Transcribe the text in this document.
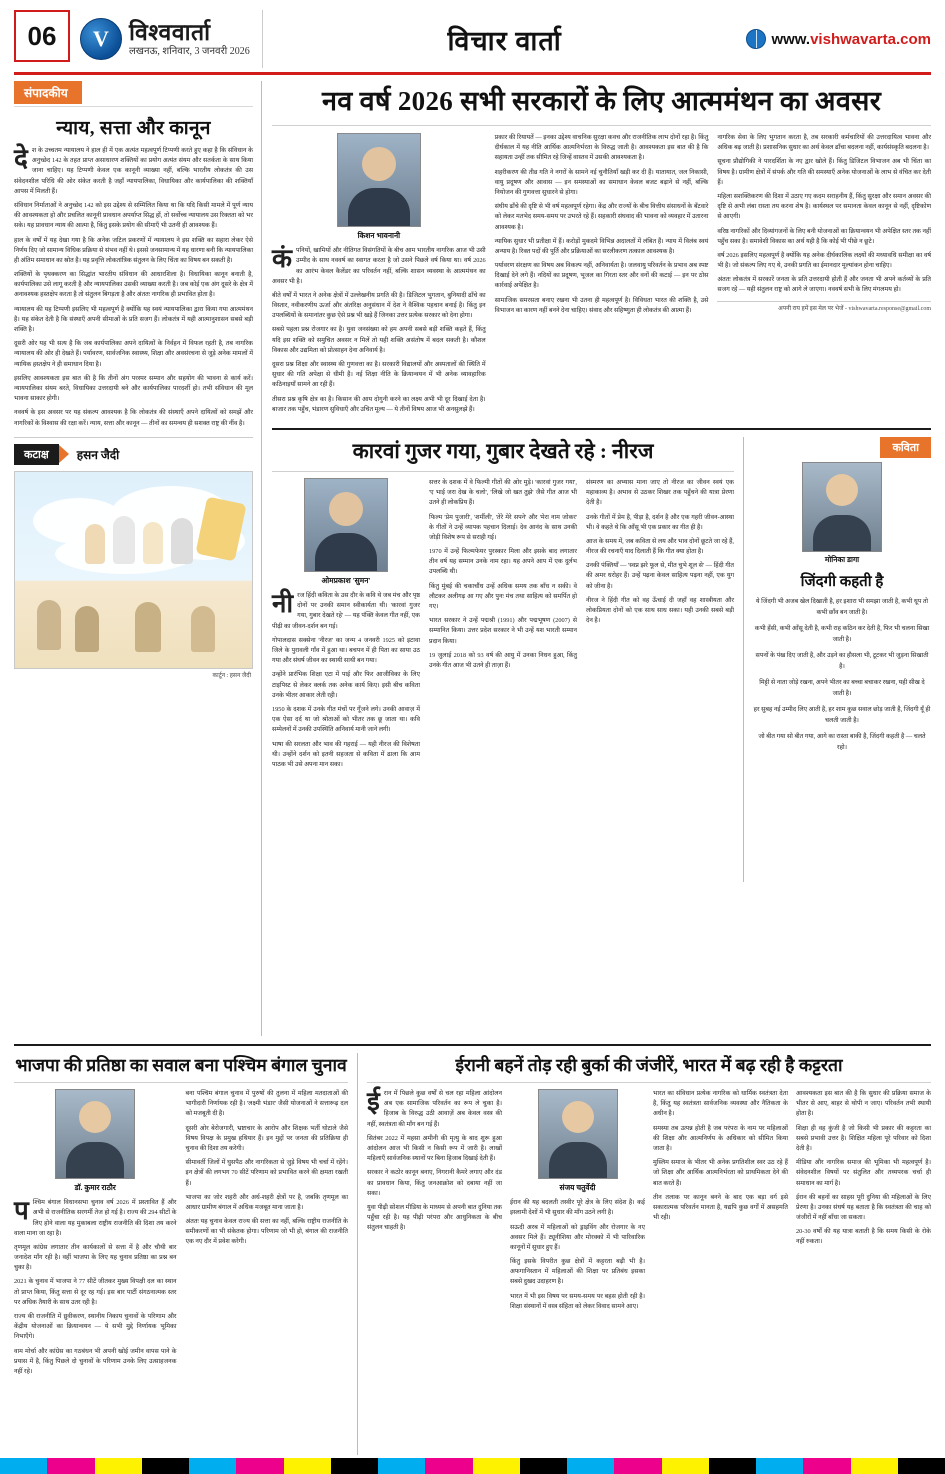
06	V विश्ववार्ता
लखनऊ, शनिवार, 3 जनवरी 2026	विचार वार्ता	www.vishwavarta.com
संपादकीय
न्याय, सत्ता और कानून

देश के उच्चतम न्यायालय ने हाल ही में एक अत्यंत महत्वपूर्ण टिप्पणी करते हुए कहा है कि संविधान के अनुच्छेद 142 के तहत प्राप्त असाधारण शक्तियों का प्रयोग अत्यंत संयम और सतर्कता के साथ किया जाना चाहिए। यह टिप्पणी केवल एक कानूनी व्याख्या नहीं, बल्कि भारतीय लोकतंत्र की उस संवेदनशील परिधि की ओर संकेत करती है जहाँ न्यायपालिका, विधायिका और कार्यपालिका की शक्तियाँ आपस में मिलती हैं।

संविधान निर्माताओं ने अनुच्छेद 142 को इस उद्देश्य से सम्मिलित किया था कि यदि किसी मामले में पूर्ण न्याय की आवश्यकता हो और प्रचलित कानूनी प्रावधान अपर्याप्त सिद्ध हों, तो सर्वोच्च न्यायालय उस रिक्तता को भर सके। यह प्रावधान न्याय की आत्मा है, किंतु इसके प्रयोग की सीमाएँ भी उतनी ही आवश्यक हैं।

हाल के वर्षों में यह देखा गया है कि अनेक जटिल प्रकरणों में न्यायालय ने इस शक्ति का सहारा लेकर ऐसे निर्णय दिए जो सामान्य विधिक प्रक्रिया से संभव नहीं थे। इससे जनसामान्य में यह धारणा बनी कि न्यायपालिका ही अंतिम समाधान का स्रोत है। यह प्रवृत्ति लोकतांत्रिक संतुलन के लिए चिंता का विषय बन सकती है।

शक्तियों के पृथक्करण का सिद्धांत भारतीय संविधान की आधारशिला है। विधायिका कानून बनाती है, कार्यपालिका उसे लागू करती है और न्यायपालिका उसकी व्याख्या करती है। जब कोई एक अंग दूसरे के क्षेत्र में अनावश्यक हस्तक्षेप करता है तो संतुलन बिगड़ता है और अंततः नागरिक ही प्रभावित होता है।

न्यायालय की यह टिप्पणी इसलिए भी महत्वपूर्ण है क्योंकि यह स्वयं न्यायपालिका द्वारा किया गया आत्ममंथन है। यह संकेत देती है कि संस्थाएँ अपनी सीमाओं के प्रति सजग हैं। लोकतंत्र में यही आत्मानुशासन सबसे बड़ी शक्ति है।

दूसरी ओर यह भी सत्य है कि जब कार्यपालिका अपने दायित्वों के निर्वहन में विफल रहती है, तब नागरिक न्यायालय की ओर ही देखते हैं। पर्यावरण, सार्वजनिक स्वास्थ्य, शिक्षा और अवसंरचना से जुड़े अनेक मामलों में न्यायिक हस्तक्षेप ने ही समाधान दिया है।

इसलिए आवश्यकता इस बात की है कि तीनों अंग परस्पर सम्मान और सहयोग की भावना से कार्य करें। न्यायपालिका संयम बरते, विधायिका उत्तरदायी बने और कार्यपालिका पारदर्शी हो। तभी संविधान की मूल भावना साकार होगी।

नववर्ष के इस अवसर पर यह संकल्प आवश्यक है कि लोकतंत्र की संस्थाएँ अपने दायित्वों को समझें और नागरिकों के विश्वास की रक्षा करें। न्याय, सत्ता और कानून — तीनों का समन्वय ही सशक्त राष्ट्र की नींव है।

कटाक्ष	हसन जैदी
कार्टून : हसन जैदी
नव वर्ष 2026 सभी सरकारों के लिए आत्ममंथन का अवसर
किशन भावनानी

कंपनियों, खामियों और नीतिगत विसंगतियों के बीच आम भारतीय नागरिक आज भी उसी उम्मीद के साथ नववर्ष का स्वागत करता है जो उसने पिछले वर्ष किया था। वर्ष 2026 का आरंभ केवल कैलेंडर का परिवर्तन नहीं, बल्कि शासन व्यवस्था के आत्ममंथन का अवसर भी है।

बीते वर्षों में भारत ने अनेक क्षेत्रों में उल्लेखनीय प्रगति की है। डिजिटल भुगतान, बुनियादी ढाँचे का विस्तार, नवीकरणीय ऊर्जा और अंतरिक्ष अनुसंधान में देश ने वैश्विक पहचान बनाई है। किंतु इन उपलब्धियों के समानांतर कुछ ऐसे प्रश्न भी खड़े हैं जिनका उत्तर प्रत्येक सरकार को देना होगा।

सबसे पहला प्रश्न रोजगार का है। युवा जनसंख्या को हम अपनी सबसे बड़ी शक्ति कहते हैं, किंतु यदि इस शक्ति को समुचित अवसर न मिलें तो यही शक्ति असंतोष में बदल सकती है। कौशल विकास और उद्यमिता को प्रोत्साहन देना अनिवार्य है।

दूसरा प्रश्न शिक्षा और स्वास्थ्य की गुणवत्ता का है। सरकारी विद्यालयों और अस्पतालों की स्थिति में सुधार की गति अपेक्षा से धीमी है। नई शिक्षा नीति के क्रियान्वयन में भी अनेक व्यावहारिक कठिनाइयाँ सामने आ रही हैं।

तीसरा प्रश्न कृषि क्षेत्र का है। किसान की आय दोगुनी करने का लक्ष्य अभी भी दूर दिखाई देता है। बाजार तक पहुँच, भंडारण सुविधाएँ और उचित मूल्य — ये तीनों विषय आज भी अनसुलझे हैं।

प्रकार की रियायतें — इनका उद्देश्य वाचनिक सुरक्षा कवच और राजनीतिक लाभ दोनों रहा है। किंतु दीर्घकाल में यह नीति आर्थिक आत्मनिर्भरता के विरुद्ध जाती है। आवश्यकता इस बात की है कि सहायता उन्हीं तक सीमित रहे जिन्हें वास्तव में उसकी आवश्यकता है।

शहरीकरण की तीव्र गति ने नगरों के सामने नई चुनौतियाँ खड़ी कर दी हैं। यातायात, जल निकासी, वायु प्रदूषण और आवास — इन समस्याओं का समाधान केवल बजट बढ़ाने से नहीं, बल्कि नियोजन की गुणवत्ता सुधारने से होगा।

संघीय ढाँचे की दृष्टि से भी वर्ष महत्वपूर्ण रहेगा। केंद्र और राज्यों के बीच वित्तीय संसाधनों के बँटवारे को लेकर मतभेद समय-समय पर उभरते रहे हैं। सहकारी संघवाद की भावना को व्यवहार में उतारना आवश्यक है।

न्यायिक सुधार भी प्रतीक्षा में हैं। करोड़ों मुकदमे विभिन्न अदालतों में लंबित हैं। न्याय में विलंब स्वयं अन्याय है। रिक्त पदों की पूर्ति और प्रक्रियाओं का सरलीकरण तत्काल आवश्यक है।

पर्यावरण संरक्षण का विषय अब विकल्प नहीं, अनिवार्यता है। जलवायु परिवर्तन के प्रभाव अब स्पष्ट दिखाई देने लगे हैं। नदियों का प्रदूषण, भूजल का गिरता स्तर और वनों की कटाई — इन पर ठोस कार्रवाई अपेक्षित है।

सामाजिक समरसता बनाए रखना भी उतना ही महत्वपूर्ण है। विविधता भारत की शक्ति है, उसे विभाजन का कारण नहीं बनने देना चाहिए। संवाद और सहिष्णुता ही लोकतंत्र की आत्मा हैं।

नागरिक सेवा के लिए भुगतान करता है, तब सरकारी कर्मचारियों की उत्तरदायित्व भावना और अधिक बढ़ जाती है। प्रशासनिक सुधार का अर्थ केवल ढाँचा बदलना नहीं, कार्यसंस्कृति बदलना है।

सूचना प्रौद्योगिकी ने पारदर्शिता के नए द्वार खोले हैं। किंतु डिजिटल विभाजन अब भी चिंता का विषय है। ग्रामीण क्षेत्रों में संपर्क और गति की समस्याएँ अनेक योजनाओं के लाभ से वंचित कर देती हैं।

महिला सशक्तिकरण की दिशा में उठाए गए कदम सराहनीय हैं, किंतु सुरक्षा और समान अवसर की दृष्टि से अभी लंबा रास्ता तय करना शेष है। कार्यस्थल पर समानता केवल कानून से नहीं, दृष्टिकोण से आएगी।

वरिष्ठ नागरिकों और दिव्यांगजनों के लिए बनी योजनाओं का क्रियान्वयन भी अपेक्षित स्तर तक नहीं पहुँच सका है। समावेशी विकास का अर्थ यही है कि कोई भी पीछे न छूटे।

वर्ष 2026 इसलिए महत्वपूर्ण है क्योंकि यह अनेक दीर्घकालिक लक्ष्यों की मध्यावधि समीक्षा का वर्ष भी है। जो संकल्प लिए गए थे, उनकी प्रगति का ईमानदार मूल्यांकन होना चाहिए।

अंततः लोकतंत्र में सरकारें जनता के प्रति उत्तरदायी होती हैं और जनता भी अपने कर्तव्यों के प्रति सजग रहे — यही संतुलन राष्ट्र को आगे ले जाएगा। नववर्ष सभी के लिए मंगलमय हो।

अपनी राय हमें इस मेल पर भेजें - vishwavarta.response@gmail.com
कारवां गुजर गया, गुबार देखते रहे : नीरज
ओमप्रकाश 'सुमन'

नीरज हिंदी कविता के उस दौर के कवि थे जब मंच और पृष्ठ दोनों पर उनकी समान स्वीकार्यता थी। 'कारवां गुजर गया, गुबार देखते रहे' — यह पंक्ति केवल गीत नहीं, एक पीढ़ी का जीवन-दर्शन बन गई।

गोपालदास सक्सेना 'नीरज' का जन्म 4 जनवरी 1925 को इटावा जिले के पुरावली गाँव में हुआ था। बचपन में ही पिता का साया उठ गया और संघर्ष जीवन का स्थायी साथी बन गया।

उन्होंने प्रारंभिक शिक्षा एटा में पाई और फिर आजीविका के लिए टाइपिस्ट से लेकर क्लर्क तक अनेक कार्य किए। इसी बीच कविता उनके भीतर आकार लेती रही।

1950 के दशक में उनके गीत मंचों पर गूँजने लगे। उनकी आवाज़ में एक ऐसा दर्द था जो श्रोताओं को भीतर तक छू जाता था। कवि सम्मेलनों में उनकी उपस्थिति अनिवार्य मानी जाने लगी।

भाषा की सरलता और भाव की गहराई — यही नीरज की विशेषता थी। उन्होंने दर्शन को इतनी सहजता से कविता में ढाला कि आम पाठक भी उसे अपना मान सका।

सत्तर के दशक में वे फिल्मी गीतों की ओर मुड़े। 'कारवां गुजर गया', 'ए भाई जरा देख के चलो', 'लिखे जो खत तुझे' जैसे गीत आज भी उतने ही लोकप्रिय हैं।

फिल्म 'प्रेम पुजारी', 'शर्मीली', 'तेरे मेरे सपने' और 'मेरा नाम जोकर' के गीतों ने उन्हें व्यापक पहचान दिलाई। देव आनंद के साथ उनकी जोड़ी विशेष रूप से सराही गई।

1970 में उन्हें फिल्मफेयर पुरस्कार मिला और इसके बाद लगातार तीन वर्ष यह सम्मान उनके नाम रहा। यह अपने आप में एक दुर्लभ उपलब्धि थी।

किंतु मुंबई की चकाचौंध उन्हें अधिक समय तक बाँध न सकी। वे लौटकर अलीगढ़ आ गए और पुनः मंच तथा साहित्य को समर्पित हो गए।

भारत सरकार ने उन्हें पद्मश्री (1991) और पद्मभूषण (2007) से सम्मानित किया। उत्तर प्रदेश सरकार ने भी उन्हें यश भारती सम्मान प्रदान किया।

19 जुलाई 2018 को 93 वर्ष की आयु में उनका निधन हुआ, किंतु उनके गीत आज भी उतने ही ताज़ा हैं।

संस्मरण का अभ्यास माना जाए तो नीरज का जीवन स्वयं एक महाकाव्य है। अभाव से उठकर शिखर तक पहुँचने की यात्रा प्रेरणा देती है।

उनके गीतों में प्रेम है, पीड़ा है, दर्शन है और एक गहरी जीवन-आस्था भी। वे कहते थे कि आँसू भी एक प्रकार का गीत ही है।

आज के समय में, जब कविता से लय और भाव दोनों छूटते जा रहे हैं, नीरज की रचनाएँ याद दिलाती हैं कि गीत क्या होता है।

उनकी पंक्तियाँ — 'स्वप्न झरे फूल से, मीत चुभे शूल से' — हिंदी गीत की अमर धरोहर हैं। उन्हें पढ़ना केवल साहित्य पढ़ना नहीं, एक युग को जीना है।

नीरज ने हिंदी गीत को वह ऊँचाई दी जहाँ वह शास्त्रीयता और लोकप्रियता दोनों को एक साथ साध सका। यही उनकी सबसे बड़ी देन है।

कविता
मोनिका डागा
जिंदगी कहती है

ये जिंदगी भी अजब खेल दिखाती है, हर इशारा भी समझा जाती है, कभी धूप तो कभी छाँव बन जाती है।

कभी हँसी, कभी आँसू देती है, कभी राह कठिन कर देती है, फिर भी चलना सिखा जाती है।

सपनों के पंख दिए जाती है, और उड़ने का हौसला भी, टूटकर भी जुड़ना सिखाती है।

मिट्टी से नाता जोड़े रखना, अपने भीतर का बच्चा बचाकर रखना, यही सीख दे जाती है।

हर सुबह नई उम्मीद लिए आती है, हर शाम कुछ सवाल छोड़ जाती है, जिंदगी यूँ ही चलती जाती है।

जो बीत गया सो बीत गया, आगे का रास्ता बाकी है, जिंदगी कहती है — चलते रहो।

भाजपा की प्रतिष्ठा का सवाल बना पश्चिम बंगाल चुनाव
डॉ. कुमार राठौर

पश्चिम बंगाल विधानसभा चुनाव वर्ष 2026 में प्रस्तावित हैं और अभी से राजनीतिक सरगर्मी तेज हो गई है। राज्य की 294 सीटों के लिए होने वाला यह मुकाबला राष्ट्रीय राजनीति की दिशा तय करने वाला माना जा रहा है।

तृणमूल कांग्रेस लगातार तीन कार्यकालों से सत्ता में है और चौथी बार जनादेश माँग रही है। वहीं भाजपा के लिए यह चुनाव प्रतिष्ठा का प्रश्न बन चुका है।

2021 के चुनाव में भाजपा ने 77 सीटें जीतकर मुख्य विपक्षी दल का स्थान तो प्राप्त किया, किंतु सत्ता से दूर रह गई। इस बार पार्टी संगठनात्मक स्तर पर अधिक तैयारी के साथ उतर रही है।

राज्य की राजनीति में ध्रुवीकरण, स्थानीय निकाय चुनावों के परिणाम और केंद्रीय योजनाओं का क्रियान्वयन — ये सभी मुद्दे निर्णायक भूमिका निभाएँगे।

वाम मोर्चा और कांग्रेस का गठबंधन भी अपनी खोई जमीन वापस पाने के प्रयास में है, किंतु पिछले दो चुनावों के परिणाम उनके लिए उत्साहजनक नहीं रहे।

बना पश्चिम बंगाल चुनाव में पुरुषों की तुलना में महिला मतदाताओं की भागीदारी निर्णायक रही है। 'लक्ष्मी भंडार' जैसी योजनाओं ने सत्तारूढ़ दल को मजबूती दी है।

दूसरी ओर बेरोजगारी, भ्रष्टाचार के आरोप और शिक्षक भर्ती घोटाले जैसे विषय विपक्ष के प्रमुख हथियार हैं। इन मुद्दों पर जनता की प्रतिक्रिया ही चुनाव की दिशा तय करेगी।

सीमावर्ती जिलों में घुसपैठ और नागरिकता से जुड़े विषय भी चर्चा में रहेंगे। इन क्षेत्रों की लगभग 70 सीटें परिणाम को प्रभावित करने की क्षमता रखती हैं।

भाजपा का जोर शहरी और अर्ध-शहरी क्षेत्रों पर है, जबकि तृणमूल का आधार ग्रामीण बंगाल में अधिक मजबूत माना जाता है।

अंततः यह चुनाव केवल राज्य की सत्ता का नहीं, बल्कि राष्ट्रीय राजनीति के समीकरणों का भी संकेतक होगा। परिणाम जो भी हो, बंगाल की राजनीति एक नए दौर में प्रवेश करेगी।

ईरानी बहनें तोड़ रही बुर्का की जंजीरें, भारत में बढ़ रही है कट्टरता

ईरान में पिछले कुछ वर्षों से चल रहा महिला आंदोलन अब एक सामाजिक परिवर्तन का रूप ले चुका है। हिजाब के विरुद्ध उठी आवाज़ें अब केवल वस्त्र की नहीं, स्वतंत्रता की माँग बन गई हैं।

सितंबर 2022 में महसा अमीनी की मृत्यु के बाद शुरू हुआ आंदोलन आज भी किसी न किसी रूप में जारी है। लाखों महिलाएँ सार्वजनिक स्थानों पर बिना हिजाब दिखाई देती हैं।

सरकार ने कठोर कानून बनाए, निगरानी कैमरे लगाए और दंड का प्रावधान किया, किंतु जनआक्रोश को दबाया नहीं जा सका।

युवा पीढ़ी सोशल मीडिया के माध्यम से अपनी बात दुनिया तक पहुँचा रही है। यह पीढ़ी परंपरा और आधुनिकता के बीच संतुलन चाहती है।

संजय चतुर्वेदी

ईरान की यह बदलती तस्वीर पूरे क्षेत्र के लिए संदेश है। कई इस्लामी देशों में भी सुधार की माँग उठने लगी है।

सऊदी अरब में महिलाओं को ड्राइविंग और रोजगार के नए अवसर मिले हैं। ट्यूनीशिया और मोरक्को में भी पारिवारिक कानूनों में सुधार हुए हैं।

किंतु इसके विपरीत कुछ क्षेत्रों में कट्टरता बढ़ी भी है। अफगानिस्तान में महिलाओं की शिक्षा पर प्रतिबंध इसका सबसे दुखद उदाहरण है।

भारत में भी इस विषय पर समय-समय पर बहस होती रही है। शिक्षा संस्थानों में वस्त्र संहिता को लेकर विवाद सामने आए।

भारत का संविधान प्रत्येक नागरिक को धार्मिक स्वतंत्रता देता है, किंतु यह स्वतंत्रता सार्वजनिक व्यवस्था और नैतिकता के अधीन है।

समस्या तब उत्पन्न होती है जब परंपरा के नाम पर महिलाओं की शिक्षा और आत्मनिर्णय के अधिकार को सीमित किया जाता है।

मुस्लिम समाज के भीतर भी अनेक प्रगतिशील स्वर उठ रहे हैं जो शिक्षा और आर्थिक आत्मनिर्भरता को प्राथमिकता देने की बात करते हैं।

तीन तलाक पर कानून बनने के बाद एक बड़ा वर्ग इसे सकारात्मक परिवर्तन मानता है, यद्यपि कुछ वर्गों में असहमति भी रही।

आवश्यकता इस बात की है कि सुधार की प्रक्रिया समाज के भीतर से आए, बाहर से थोपी न जाए। परिवर्तन तभी स्थायी होता है।

शिक्षा ही वह कुंजी है जो किसी भी प्रकार की कट्टरता का सबसे प्रभावी उत्तर है। शिक्षित महिला पूरे परिवार को दिशा देती है।

मीडिया और नागरिक समाज की भूमिका भी महत्वपूर्ण है। संवेदनशील विषयों पर संतुलित और तथ्यपरक चर्चा ही समाधान का मार्ग है।

ईरान की बहनों का साहस पूरी दुनिया की महिलाओं के लिए प्रेरणा है। उनका संघर्ष यह बताता है कि स्वतंत्रता की चाह को जंजीरों में नहीं बाँधा जा सकता।

20-30 वर्षों की यह यात्रा बताती है कि समय किसी के रोके नहीं रुकता।
